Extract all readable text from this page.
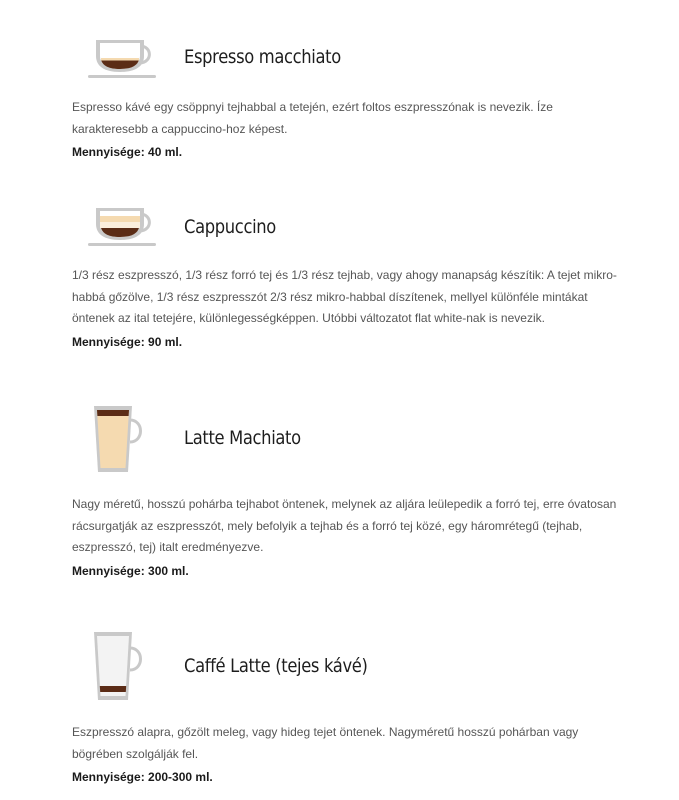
Espresso macchiato

Espresso kávé egy csöppnyi tejhabbal a tetején, ezért foltos eszpresszónak is nevezik. Íze karakteresebb a cappuccino-hoz képest.

Mennyisége: 40 ml.

Cappuccino

1/3 rész eszpresszó, 1/3 rész forró tej és 1/3 rész tejhab, vagy ahogy manapság készítik: A tejet mikro-habbá gőzölve, 1/3 rész eszpresszót 2/3 rész mikro-habbal díszítenek, mellyel különféle mintákat öntenek az ital tetejére, különlegességképpen. Utóbbi változatot flat white-nak is nevezik.

Mennyisége: 90 ml.

Latte Machiato

Nagy méretű, hosszú pohárba tejhabot öntenek, melynek az aljára leülepedik a forró tej, erre óvatosan rácsurgatják az eszpresszót, mely befolyik a tejhab és a forró tej közé, egy háromrétegű (tejhab, eszpresszó, tej) italt eredményezve.

Mennyisége: 300 ml.

Caffé Latte (tejes kávé)

Eszpresszó alapra, gőzölt meleg, vagy hideg tejet öntenek. Nagyméretű hosszú pohárban vagy bögrében szolgálják fel.

Mennyisége: 200-300 ml.
